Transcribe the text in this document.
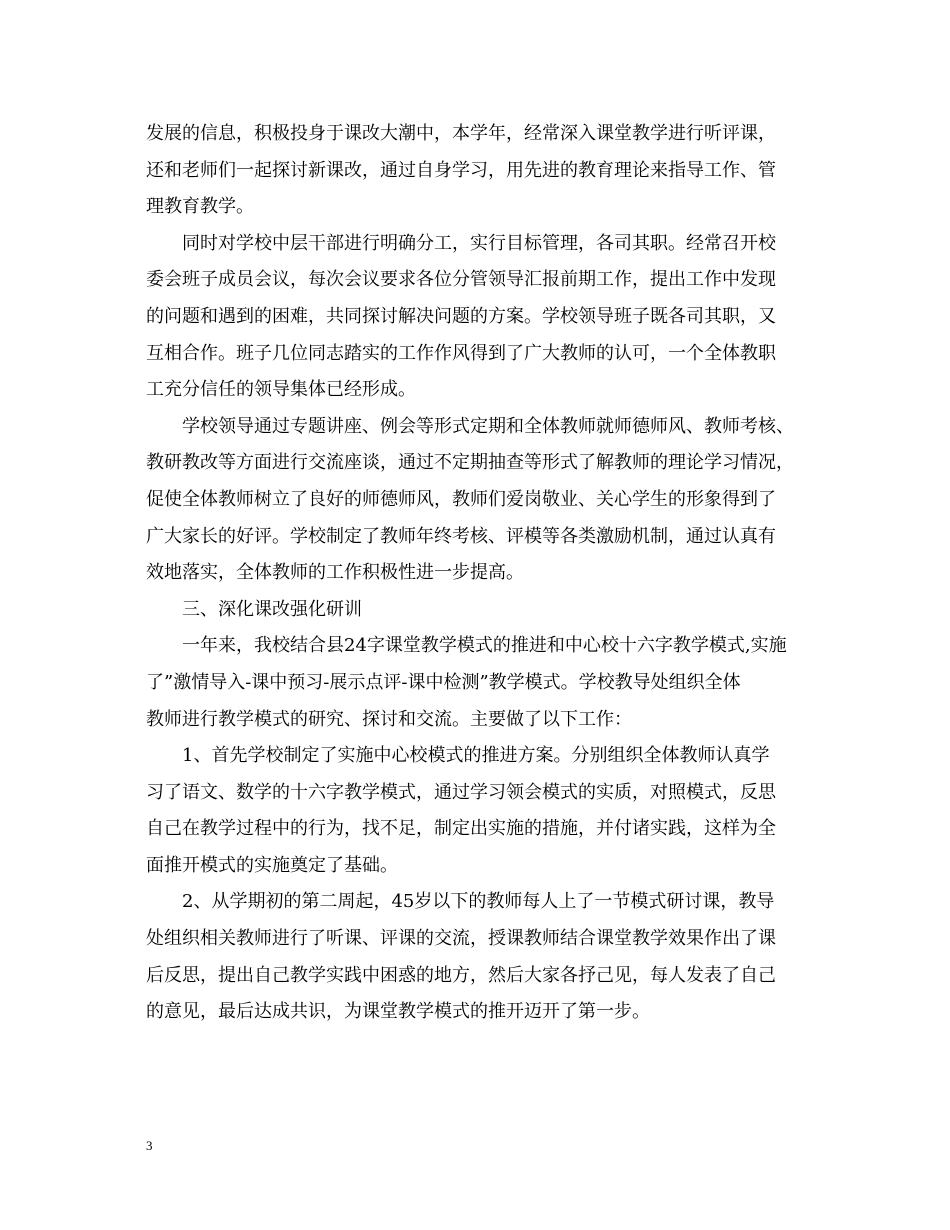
发展的信息，积极投身于课改大潮中，本学年，经常深入课堂教学进行听评课，
还和老师们一起探讨新课改，通过自身学习，用先进的教育理论来指导工作、管
理教育教学。
同时对学校中层干部进行明确分工，实行目标管理，各司其职。经常召开校
委会班子成员会议，每次会议要求各位分管领导汇报前期工作，提出工作中发现
的问题和遇到的困难，共同探讨解决问题的方案。学校领导班子既各司其职，又
互相合作。班子几位同志踏实的工作作风得到了广大教师的认可，一个全体教职
工充分信任的领导集体已经形成。
学校领导通过专题讲座、例会等形式定期和全体教师就师德师风、教师考核、
教研教改等方面进行交流座谈，通过不定期抽查等形式了解教师的理论学习情况，
促使全体教师树立了良好的师德师风，教师们爱岗敬业、关心学生的形象得到了
广大家长的好评。学校制定了教师年终考核、评模等各类激励机制，通过认真有
效地落实，全体教师的工作积极性进一步提高。
三、深化课改强化研训
一年来，我校结合县24字课堂教学模式的推进和中心校十六字教学模式,实施
了”激情导入-课中预习-展示点评-课中检测”教学模式。学校教导处组织全体
教师进行教学模式的研究、探讨和交流。主要做了以下工作：
1、首先学校制定了实施中心校模式的推进方案。分别组织全体教师认真学
习了语文、数学的十六字教学模式，通过学习领会模式的实质，对照模式，反思
自己在教学过程中的行为，找不足，制定出实施的措施，并付诸实践，这样为全
面推开模式的实施奠定了基础。
2、从学期初的第二周起，45岁以下的教师每人上了一节模式研讨课，教导
处组织相关教师进行了听课、评课的交流，授课教师结合课堂教学效果作出了课
后反思，提出自己教学实践中困惑的地方，然后大家各抒己见，每人发表了自己
的意见，最后达成共识，为课堂教学模式的推开迈开了第一步。
3
